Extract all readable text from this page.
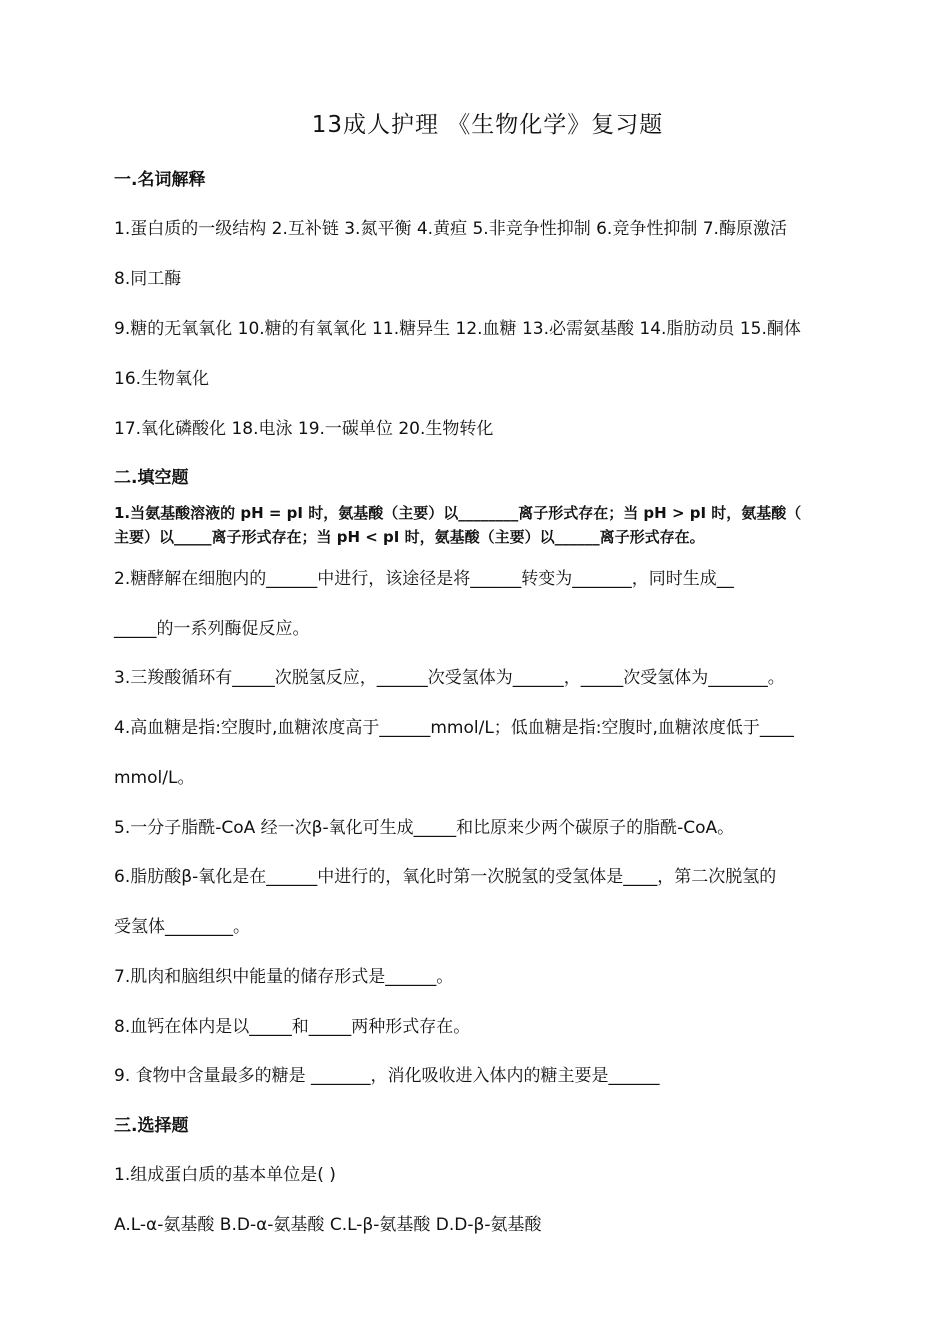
13成人护理 《生物化学》复习题
一.名词解释
1.蛋白质的一级结构 2.互补链 3.氮平衡 4.黄疸 5.非竞争性抑制 6.竞争性抑制 7.酶原激活
8.同工酶
9.糖的无氧氧化 10.糖的有氧氧化 11.糖异生 12.血糖 13.必需氨基酸 14.脂肪动员 15.酮体
16.生物氧化
17.氧化磷酸化 18.电泳 19.一碳单位 20.生物转化
二.填空题
1.当氨基酸溶液的 pH = pI 时，氨基酸（主要）以________离子形式存在；当 pH > pI 时，氨基酸（
主要）以_____离子形式存在；当 pH < pI 时，氨基酸（主要）以______离子形式存在。
2.糖酵解在细胞内的______中进行，该途径是将______转变为_______，同时生成__
_____的一系列酶促反应。
3.三羧酸循环有_____次脱氢反应，______次受氢体为______，_____次受氢体为_______。
4.高血糖是指:空腹时,血糖浓度高于______mmol/L；低血糖是指:空腹时,血糖浓度低于____
mmol/L。
5.一分子脂酰-CoA 经一次β-氧化可生成_____和比原来少两个碳原子的脂酰-CoA。
6.脂肪酸β-氧化是在______中进行的，氧化时第一次脱氢的受氢体是____，第二次脱氢的
受氢体________。
7.肌肉和脑组织中能量的储存形式是______。
8.血钙在体内是以_____和_____两种形式存在。
9. 食物中含量最多的糖是 _______，消化吸收进入体内的糖主要是______
三.选择题
1.组成蛋白质的基本单位是( )
A.L-α-氨基酸 B.D-α-氨基酸 C.L-β-氨基酸 D.D-β-氨基酸
